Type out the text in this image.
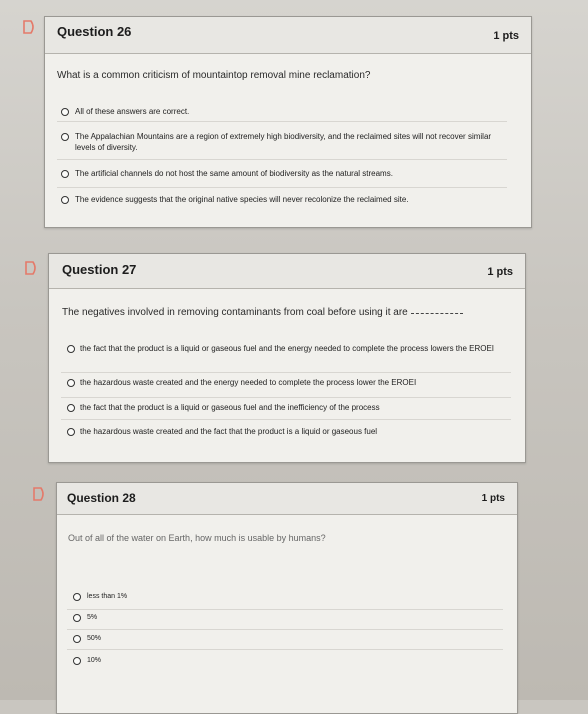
Question 26	1 pts
What is a common criticism of mountaintop removal mine reclamation?
All of these answers are correct.
The Appalachian Mountains are a region of extremely high biodiversity, and the reclaimed sites will not recover similar levels of diversity.
The artificial channels do not host the same amount of biodiversity as the natural streams.
The evidence suggests that the original native species will never recolonize the reclaimed site.
Question 27	1 pts
The negatives involved in removing contaminants from coal before using it are
the fact that the product is a liquid or gaseous fuel and the energy needed to complete the process lowers the EROEI
the hazardous waste created and the energy needed to complete the process lower the EROEI
the fact that the product is a liquid or gaseous fuel and the inefficiency of the process
the hazardous waste created and the fact that the product is a liquid or gaseous fuel
Question 28	1 pts
Out of all of the water on Earth, how much is usable by humans?
less than 1%
5%
50%
10%
